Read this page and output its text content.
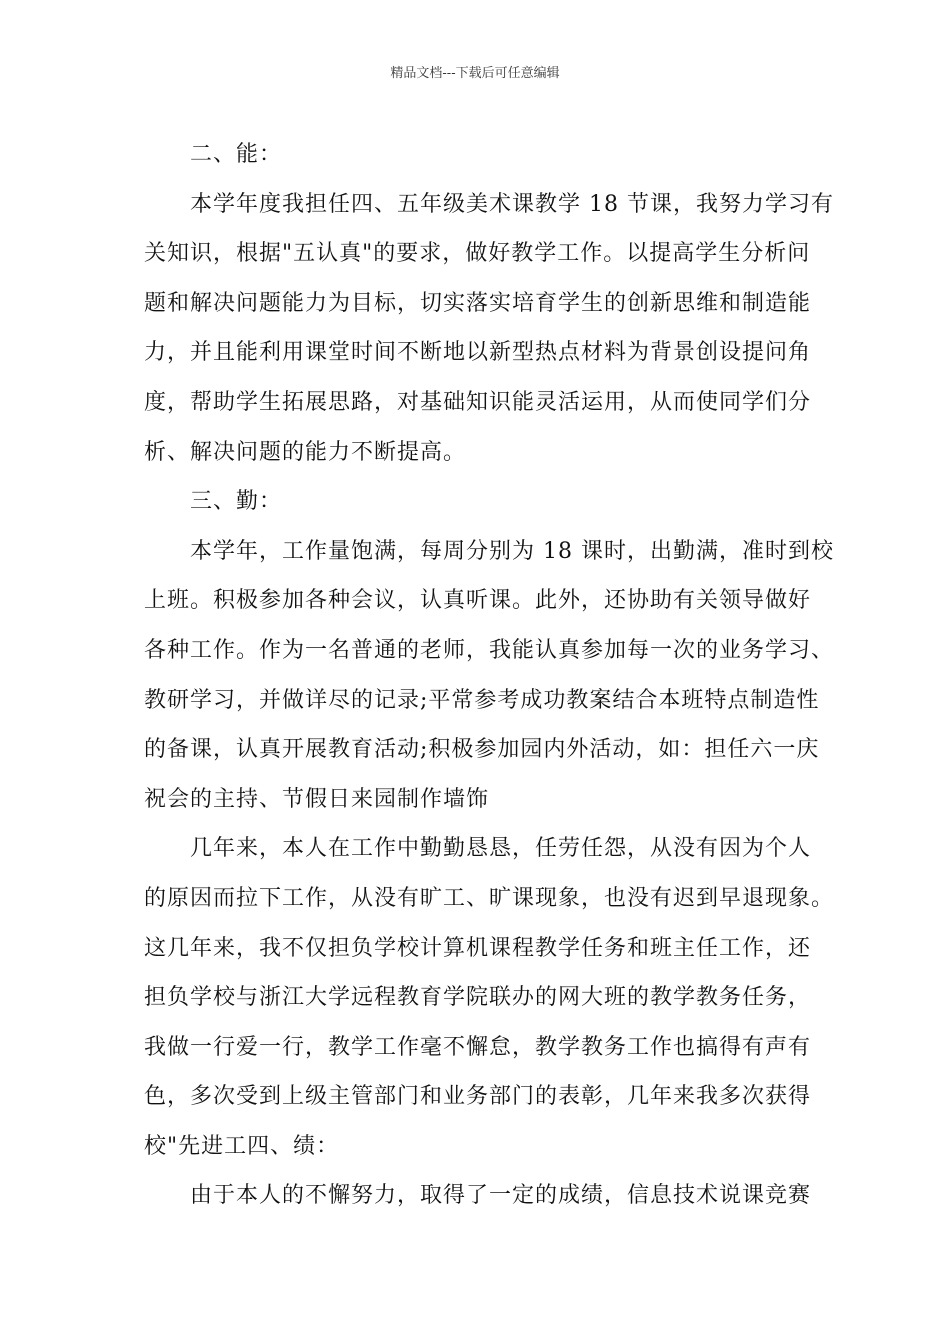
精品文档---下载后可任意编辑
二、能：
本学年度我担任四、五年级美术课教学 18 节课，我努力学习有
关知识，根据"五认真"的要求，做好教学工作。以提高学生分析问
题和解决问题能力为目标，切实落实培育学生的创新思维和制造能
力，并且能利用课堂时间不断地以新型热点材料为背景创设提问角
度，帮助学生拓展思路，对基础知识能灵活运用，从而使同学们分
析、解决问题的能力不断提高。
三、勤：
本学年，工作量饱满，每周分别为 18 课时，出勤满，准时到校
上班。积极参加各种会议，认真听课。此外，还协助有关领导做好
各种工作。作为一名普通的老师，我能认真参加每一次的业务学习、
教研学习，并做详尽的记录;平常参考成功教案结合本班特点制造性
的备课，认真开展教育活动;积极参加园内外活动，如：担任六一庆
祝会的主持、节假日来园制作墙饰
几年来，本人在工作中勤勤恳恳，任劳任怨，从没有因为个人
的原因而拉下工作，从没有旷工、旷课现象，也没有迟到早退现象。
这几年来，我不仅担负学校计算机课程教学任务和班主任工作，还
担负学校与浙江大学远程教育学院联办的网大班的教学教务任务，
我做一行爱一行，教学工作毫不懈怠，教学教务工作也搞得有声有
色，多次受到上级主管部门和业务部门的表彰，几年来我多次获得
校"先进工四、绩：
由于本人的不懈努力，取得了一定的成绩，信息技术说课竞赛
